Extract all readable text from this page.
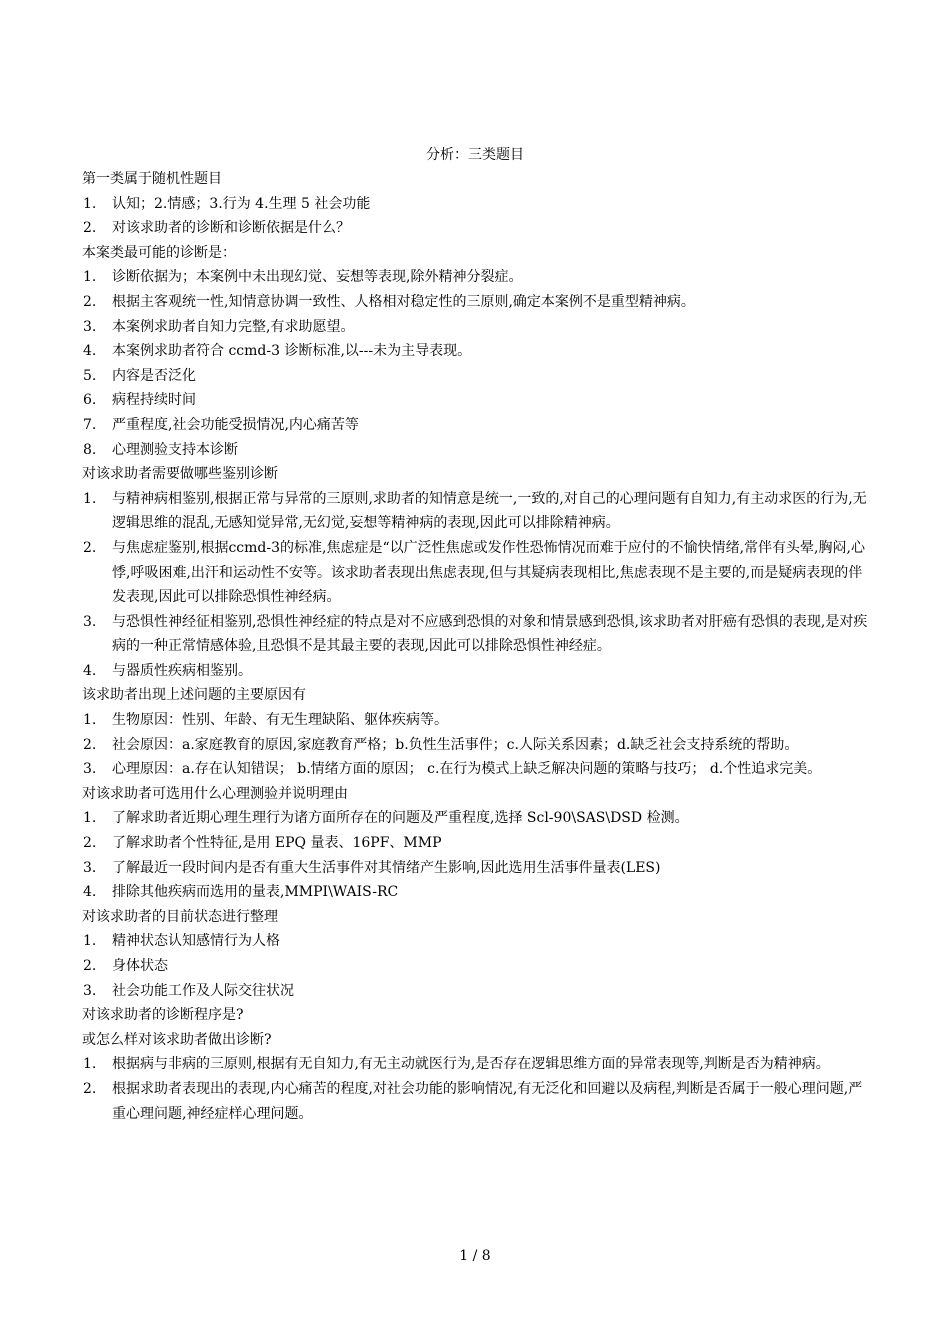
分析：三类题目

第一类属于随机性题目

1. 认知；2.情感；3.行为 4.生理 5 社会功能
2. 对该求助者的诊断和诊断依据是什么？

本案类最可能的诊断是：

1. 诊断依据为；本案例中未出现幻觉、妄想等表现,除外精神分裂症。
2. 根据主客观统一性,知情意协调一致性、人格相对稳定性的三原则,确定本案例不是重型精神病。
3. 本案例求助者自知力完整,有求助愿望。
4. 本案例求助者符合 ccmd-3 诊断标准,以---未为主导表现。
5. 内容是否泛化
6. 病程持续时间
7. 严重程度,社会功能受损情况,内心痛苦等
8. 心理测验支持本诊断

对该求助者需要做哪些鉴别诊断

1. 与精神病相鉴别,根据正常与异常的三原则,求助者的知情意是统一,一致的,对自己的心理问题有自知力,有主动求医的行为,无逻辑思维的混乱,无感知觉异常,无幻觉,妄想等精神病的表现,因此可以排除精神病。
2. 与焦虑症鉴别,根据ccmd-3的标准,焦虑症是“以广泛性焦虑或发作性恐怖情况而难于应付的不愉快情绪,常伴有头晕,胸闷,心悸,呼吸困难,出汗和运动性不安等。该求助者表现出焦虑表现,但与其疑病表现相比,焦虑表现不是主要的,而是疑病表现的伴发表现,因此可以排除恐惧性神经病。
3. 与恐惧性神经征相鉴别,恐惧性神经症的特点是对不应感到恐惧的对象和情景感到恐惧,该求助者对肝癌有恐惧的表现,是对疾病的一种正常情感体验,且恐惧不是其最主要的表现,因此可以排除恐惧性神经症。
4. 与器质性疾病相鉴别。

该求助者出现上述问题的主要原因有

1. 生物原因：性别、年龄、有无生理缺陷、躯体疾病等。
2. 社会原因：a.家庭教育的原因,家庭教育严格；b.负性生活事件；c.人际关系因素；d.缺乏社会支持系统的帮助。
3. 心理原因：a.存在认知错误； b.情绪方面的原因； c.在行为模式上缺乏解决问题的策略与技巧； d.个性追求完美。

对该求助者可选用什么心理测验并说明理由

1. 了解求助者近期心理生理行为诸方面所存在的问题及严重程度,选择 Scl-90\SAS\DSD 检测。
2. 了解求助者个性特征,是用 EPQ 量表、16PF、MMP
3. 了解最近一段时间内是否有重大生活事件对其情绪产生影响,因此选用生活事件量表(LES)
4. 排除其他疾病而选用的量表,MMPI\WAIS-RC

对该求助者的目前状态进行整理

1. 精神状态认知感情行为人格
2. 身体状态
3. 社会功能工作及人际交往状况

对该求助者的诊断程序是?

或怎么样对该求助者做出诊断?

1. 根据病与非病的三原则,根据有无自知力,有无主动就医行为,是否存在逻辑思维方面的异常表现等,判断是否为精神病。
2. 根据求助者表现出的表现,内心痛苦的程度,对社会功能的影响情况,有无泛化和回避以及病程,判断是否属于一般心理问题,严重心理问题,神经症样心理问题。
1 / 8
